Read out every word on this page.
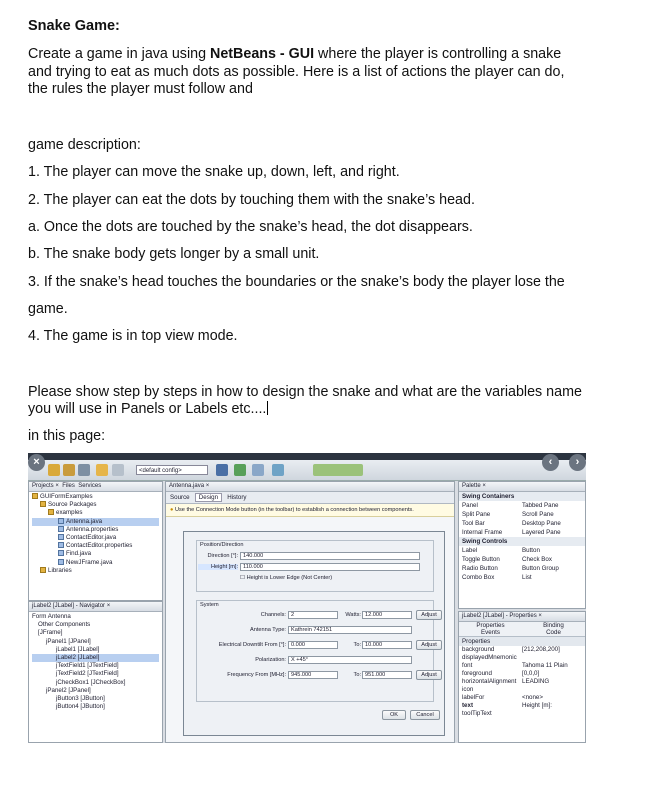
Snake Game:
Create a game in java using NetBeans - GUI where the player is controlling a snake
and trying to eat as much dots as possible. Here is a list of actions the player can do,
the rules the player must follow and
game description:
1. The player can move the snake up, down, left, and right.
2. The player can eat the dots by touching them with the snake’s head.
a. Once the dots are touched by the snake’s head, the dot disappears.
b. The snake body gets longer by a small unit.
3. If the snake’s head touches the boundaries or the snake’s body the player lose the
game.
4. The game is in top view mode.
Please show step by steps in how to design the snake and what are the variables name
you will use in Panels or Labels etc....
in this page:
<default config>
×	‹	›
Projects × Files Services
GUIFormExamples
Source Packages
examples
Antenna.java
Antenna.properties
ContactEditor.java
ContactEditor.properties
Find.java
NewJFrame.java
Libraries
jLabel2 [JLabel] - Navigator ×
Form Antenna
Other Components
[JFrame]
jPanel1 [JPanel]
jLabel1 [JLabel]
jLabel2 [JLabel]
jTextField1 [JTextField]
jTextField2 [JTextField]
jCheckBox1 [JCheckBox]
jPanel2 [JPanel]
jButton3 [JButton]
jButton4 [JButton]
Antenna.java ×
Source Design History
● Use the Connection Mode button (in the toolbar) to establish a connection between components.
Position/Direction
Direction [°]: 140.000
Height [m]: 110.000
☐ Height is Lower Edge (Not Center)
System
Channels: 2	Watts: 12.000	Adjust
Antenna Type: Kathrein 742151
Electrical Downtilt From [°]: 0.000	To: 10.000	Adjust
Polarization: X +45°
Frequency From [MHz]: 945.000	To: 951.000	Adjust
OK	Cancel
Palette ×
Swing Containers
Panel	Tabbed Pane
Split Pane	Scroll Pane
Tool Bar	Desktop Pane
Internal Frame	Layered Pane
Swing Controls
Label	Button
Toggle Button	Check Box
Radio Button	Button Group
Combo Box	List
jLabel2 [JLabel] - Properties ×
Properties	Binding
Events	Code
Properties
background	[212,208,200]
displayedMnemonic
font	Tahoma 11 Plain
foreground	[0,0,0]
horizontalAlignment LEADING
icon
labelFor	<none>
text	Height [m]:
toolTipText
